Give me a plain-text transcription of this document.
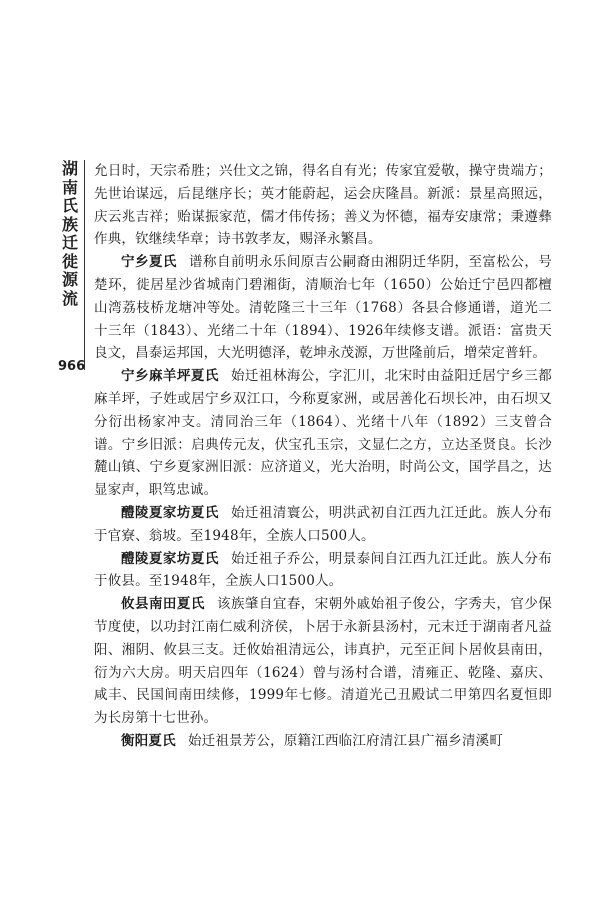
湖南氏族迁徙源流
966

允日时，天宗希胜；兴仕文之锦，得名自有光；传家宜爱敬，操守贵端方；先世诒谋远，后昆继序长；英才能蔚起，运会庆隆昌。新派：景星高照远，庆云兆吉祥；贻谋振家范，儒才伟传扬；善义为怀德，福寿安康常；秉遵彝作典，钦继续华章；诗书敦孝友，赐泽永繁昌。

宁乡夏氏 谱称自前明永乐间原吉公嗣裔由湘阴迁华阴，至富松公，号楚环，徙居星沙省城南门碧湘街，清顺治七年（1650）公始迁宁邑四都檀山湾荔枝桥龙塘冲等处。清乾隆三十三年（1768）各县合修通谱，道光二十三年（1843）、光绪二十年（1894）、1926年续修支谱。派语：富贵天良文，昌泰运邦国，大光明德泽，乾坤永茂源，万世隆前后，增荣定普轩。

宁乡麻羊坪夏氏 始迁祖林海公，字汇川，北宋时由益阳迁居宁乡三都麻羊坪，子姓或居宁乡双江口，今称夏家洲，或居善化石坝长冲，由石坝又分衍出杨家冲支。清同治三年（1864）、光绪十八年（1892）三支曾合谱。宁乡旧派：启典传元友，伏宝孔玉宗，文显仁之方，立达圣贤良。长沙麓山镇、宁乡夏家洲旧派：应济道义，光大治明，时尚公文，国学昌之，达显家声，职笃忠诚。

醴陵夏家坊夏氏 始迁祖清寰公，明洪武初自江西九江迁此。族人分布于官寮、翁坡。至1948年，全族人口500人。

醴陵夏家坊夏氏 始迁祖子乔公，明景泰间自江西九江迁此。族人分布于攸县。至1948年，全族人口1500人。

攸县南田夏氏 该族肇自宜春，宋朝外戚始祖子俊公，字秀夫，官少保节度使，以功封江南仁威利济侯，卜居于永新县汤村，元末迁于湖南者凡益阳、湘阴、攸县三支。迁攸始祖清远公，讳真护，元至正间卜居攸县南田，衍为六大房。明天启四年（1624）曾与汤村合谱，清雍正、乾隆、嘉庆、咸丰、民国间南田续修，1999年七修。清道光己丑殿试二甲第四名夏恒即为长房第十七世孙。

衡阳夏氏 始迁祖景芳公，原籍江西临江府清江县广福乡清溪町
